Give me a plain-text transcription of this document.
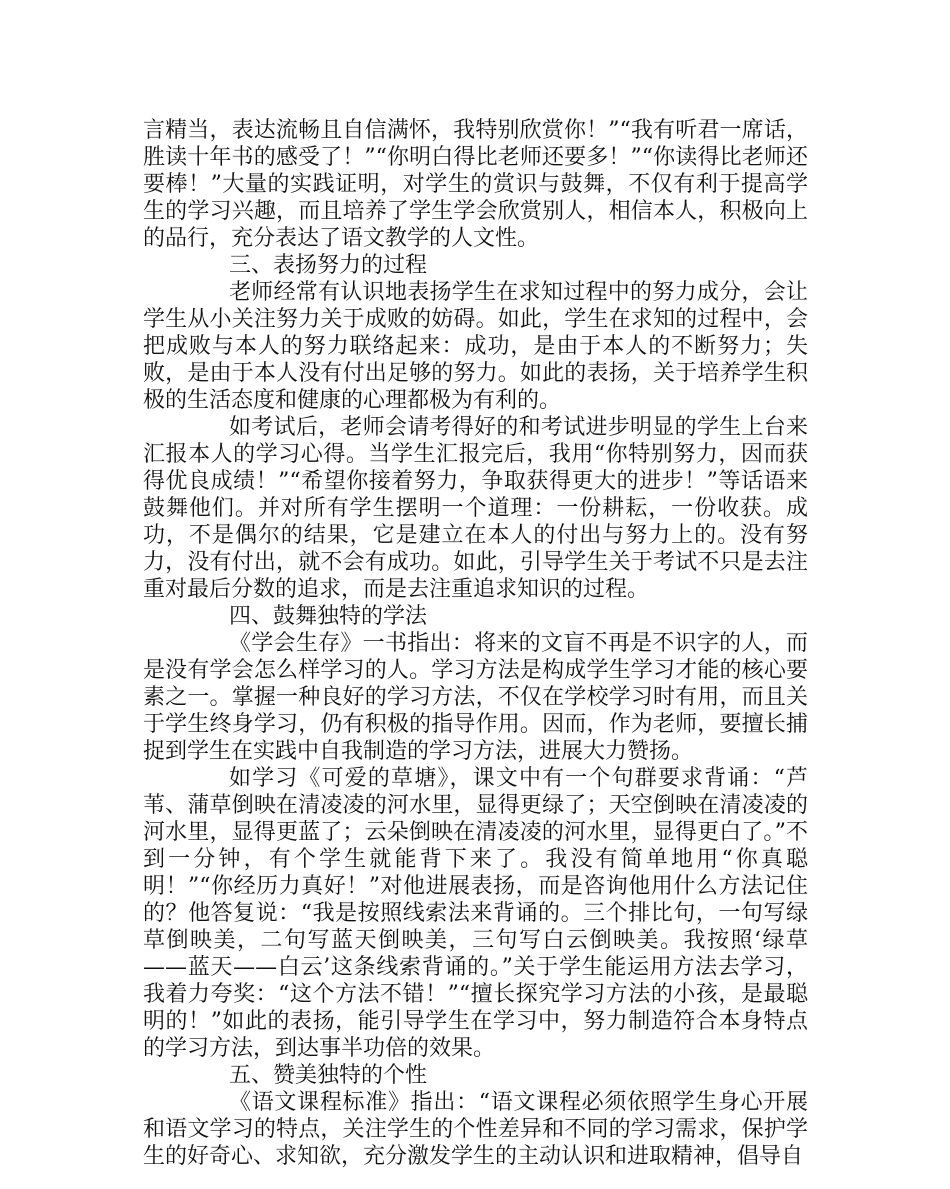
言精当，表达流畅且自信满怀，我特别欣赏你！”“我有听君一席话，胜读十年书的感受了！”“你明白得比老师还要多！”“你读得比老师还要棒！”大量的实践证明，对学生的赏识与鼓舞，不仅有利于提高学生的学习兴趣，而且培养了学生学会欣赏别人，相信本人，积极向上的品行，充分表达了语文教学的人文性。

三、表扬努力的过程

老师经常有认识地表扬学生在求知过程中的努力成分，会让学生从小关注努力关于成败的妨碍。如此，学生在求知的过程中，会把成败与本人的努力联络起来：成功，是由于本人的不断努力；失败，是由于本人没有付出足够的努力。如此的表扬，关于培养学生积极的生活态度和健康的心理都极为有利的。

如考试后，老师会请考得好的和考试进步明显的学生上台来汇报本人的学习心得。当学生汇报完后，我用“你特别努力，因而获得优良成绩！”“希望你接着努力，争取获得更大的进步！”等话语来鼓舞他们。并对所有学生摆明一个道理：一份耕耘，一份收获。成功，不是偶尔的结果，它是建立在本人的付出与努力上的。没有努力，没有付出，就不会有成功。如此，引导学生关于考试不只是去注重对最后分数的追求，而是去注重追求知识的过程。

四、鼓舞独特的学法

《学会生存》一书指出：将来的文盲不再是不识字的人，而是没有学会怎么样学习的人。学习方法是构成学生学习才能的核心要素之一。掌握一种良好的学习方法，不仅在学校学习时有用，而且关于学生终身学习，仍有积极的指导作用。因而，作为老师，要擅长捕捉到学生在实践中自我制造的学习方法，进展大力赞扬。

如学习《可爱的草塘》，课文中有一个句群要求背诵：“芦苇、蒲草倒映在清凌凌的河水里，显得更绿了；天空倒映在清凌凌的河水里，显得更蓝了；云朵倒映在清凌凌的河水里，显得更白了。”不到一分钟，有个学生就能背下来了。我没有简单地用“你真聪明！”“你经历力真好！”对他进展表扬，而是咨询他用什么方法记住的？他答复说：“我是按照线索法来背诵的。三个排比句，一句写绿草倒映美，二句写蓝天倒映美，三句写白云倒映美。我按照‘绿草——蓝天——白云’这条线索背诵的。”关于学生能运用方法去学习，我着力夸奖：“这个方法不错！”“擅长探究学习方法的小孩，是最聪明的！”如此的表扬，能引导学生在学习中，努力制造符合本身特点的学习方法，到达事半功倍的效果。

五、赞美独特的个性

《语文课程标准》指出：“语文课程必须依照学生身心开展和语文学习的特点，关注学生的个性差异和不同的学习需求，保护学生的好奇心、求知欲，充分激发学生的主动认识和进取精神，倡导自
